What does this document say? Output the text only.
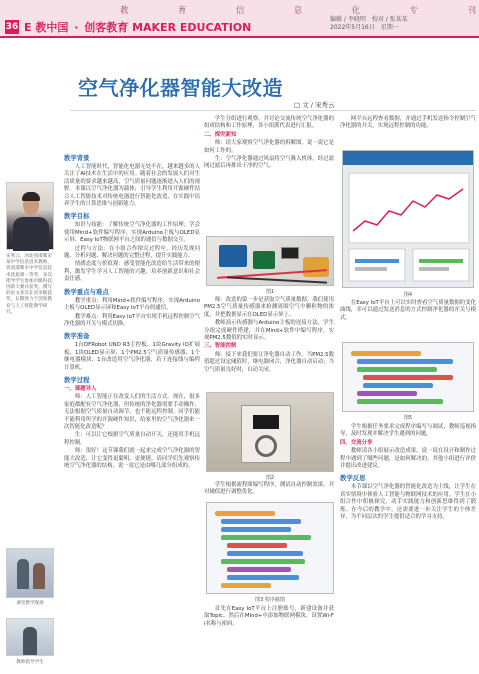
教	育	信	息	化	专	刊
36 E 教中国 · 创客教育 MAKER EDUCATION
编辑 / 李晓明　校对 / 张某某
2022年5月16日　星期一
宋秀云，河北省邯郸市某中学信息技术教师，曾获邯郸市中学信息技术优质课一等奖，多次指导学生参加市级科技创新大赛并获奖。撰写的论文多次在省市级获奖，长期致力于创客教育与人工智能教学研究。
课堂教学现场
教师指导学生
空气净化器智能大改造
□ 文 / 宋秀云
教学背景

人工智能时代，智能化电器无处不在，越来越多的人关注了AI技术在生活中的应用。随着社会的发展人们对生活质量的要求越来越高，空气质量问题逐渐进入人们的视野。本课以空气净化器为载体，引导学生利用开源硬件结合人工智能技术对传统电器进行智能化改造，在实践中培养学生的计算思维与创新能力。

教学目标

知识与技能：了解传统空气净化器的工作原理；学会使用Mind+软件编写程序，实现Arduino主板与OLED显示屏、Easy IoT物联网平台之间的通信与数据交互。

过程与方法：在小组合作探究过程中，经历发现问题、分析问题、解决问题的完整过程，提升实践能力。

情感态度与价值观：感受智能化改造给生活带来的便利，激发学生学习人工智能的兴趣，培养创新意识和社会责任感。

教学重点与难点

教学重点：利用Mind+软件编写程序，实现Arduino主板与OLED显示屏和Easy IoT平台的通信。

教学难点：利用Easy IoT平台实现手机远程控制空气净化器的开关与模式切换。

教学准备

1台DFRobot UNO R3主控板、1块Gravity IO扩展板、1块OLED显示屏、1个PM2.5空气质量传感器、1个继电器模块、1台改造用空气净化器，若干连接线与编程计算机。

教学过程

一、课题导入

师：人工智能正在改变人们的生活方式。现在，很多家庭都配有空气净化器，但传统的净化器需要手动操作，无法根据空气质量自动调节，也不能远程控制。同学们能不能利用所学的开源硬件知识，给家里的空气净化器来一次智能化改造呢？

生：可以让它根据空气质量自动开关，还能用手机远程控制。

师：很好！这节课我们就一起来完成空气净化器的智能大改造，让它变得更聪明、更便捷。请同学们先观察传统空气净化器的结构，说一说它是由哪几部分组成的。

学生分组进行观察，并讨论交流传统空气净化器的组成结构和工作原理，各小组派代表进行汇报。

二、探究新知

师：请大家观察空气净化器的拆解图，说一说它是如何工作的。

生：空气净化器通过风扇将空气吸入机体，经过滤网过滤后再排出干净的空气。

图1

师：改造的第一步是获取空气质量数据。我们使用PM2.5空气质量传感器来检测周围空气中颗粒物的浓度，并把数据显示在OLED显示屏上。

教师演示传感器与Arduino主板的连接方法，学生分组完成硬件搭建，并在Mind+软件中编写程序，实现PM2.5数值的实时显示。

三、智能控制

师：接下来我们要让净化器自动工作。当PM2.5数值超过设定阈值时，继电器闭合，净化器自动启动；当空气质量良好时，自动关闭。

图2

学生根据流程图编写程序，测试自动控制效果，并对阈值进行调整优化。

图3 程序截图

首先在Easy IoT平台上注册账号，新建设备并获取Topic。然后在Mind+中添加物联网模块，设置Wi-Fi名称与密码。

网平台远程查看数据，并通过手机发送指令控制空气净化器的开关，实现远程控制的功能。

图4

在Easy IoT平台上可以实时查看空气质量数据的变化曲线，并可以通过发送消息的方式控制净化器的开关与模式。

图5

学生根据任务要求完成程序编写与调试，教师巡视指导，及时发现并解决学生遇到的问题。

四、交流分享

教师请各小组展示改造成果，说一说在设计和制作过程中遇到了哪些问题，是如何解决的。其他小组进行评价并提出改进建议。

教学反思

本节课以空气净化器的智能化改造为主线，让学生在真实情境中体验人工智能与物联网技术的应用。学生在小组合作中积极探究，动手实践能力和创新思维得到了锻炼。在今后的教学中，还需要进一步关注学生的个体差异，为不同层次的学生提供适合的学习支持。
